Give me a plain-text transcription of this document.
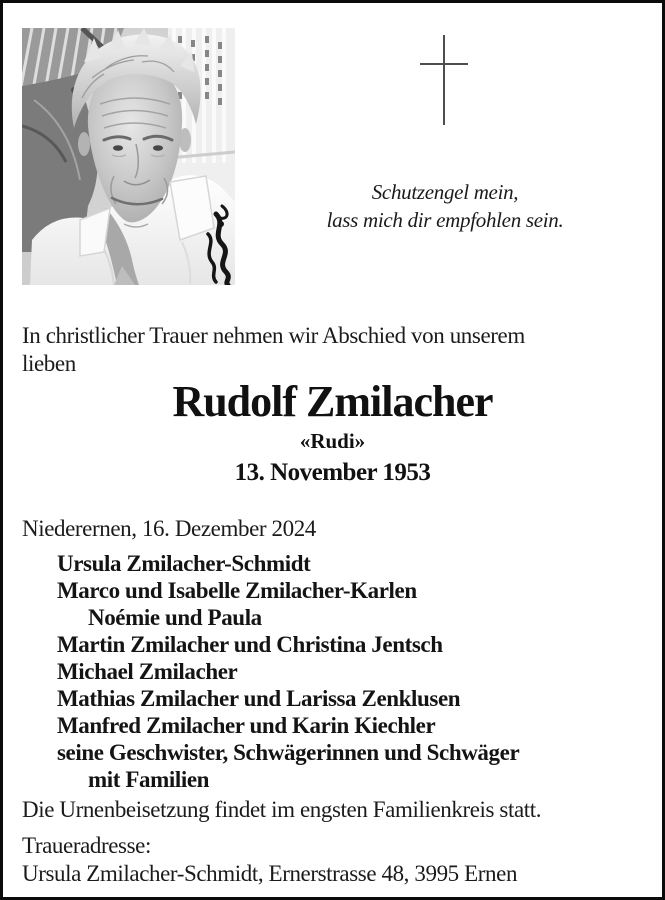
Schutzengel mein,
lass mich dir empfohlen sein.
In christlicher Trauer nehmen wir Abschied von unserem
lieben
Rudolf Zmilacher
«Rudi»
13. November 1953
Niederernen, 16. Dezember 2024
Ursula Zmilacher-Schmidt
Marco und Isabelle Zmilacher-Karlen
Noémie und Paula
Martin Zmilacher und Christina Jentsch
Michael Zmilacher
Mathias Zmilacher und Larissa Zenklusen
Manfred Zmilacher und Karin Kiechler
seine Geschwister, Schwägerinnen und Schwäger
mit Familien
Die Urnenbeisetzung findet im engsten Familienkreis statt.
Traueradresse:
Ursula Zmilacher-Schmidt, Ernerstrasse 48, 3995 Ernen
